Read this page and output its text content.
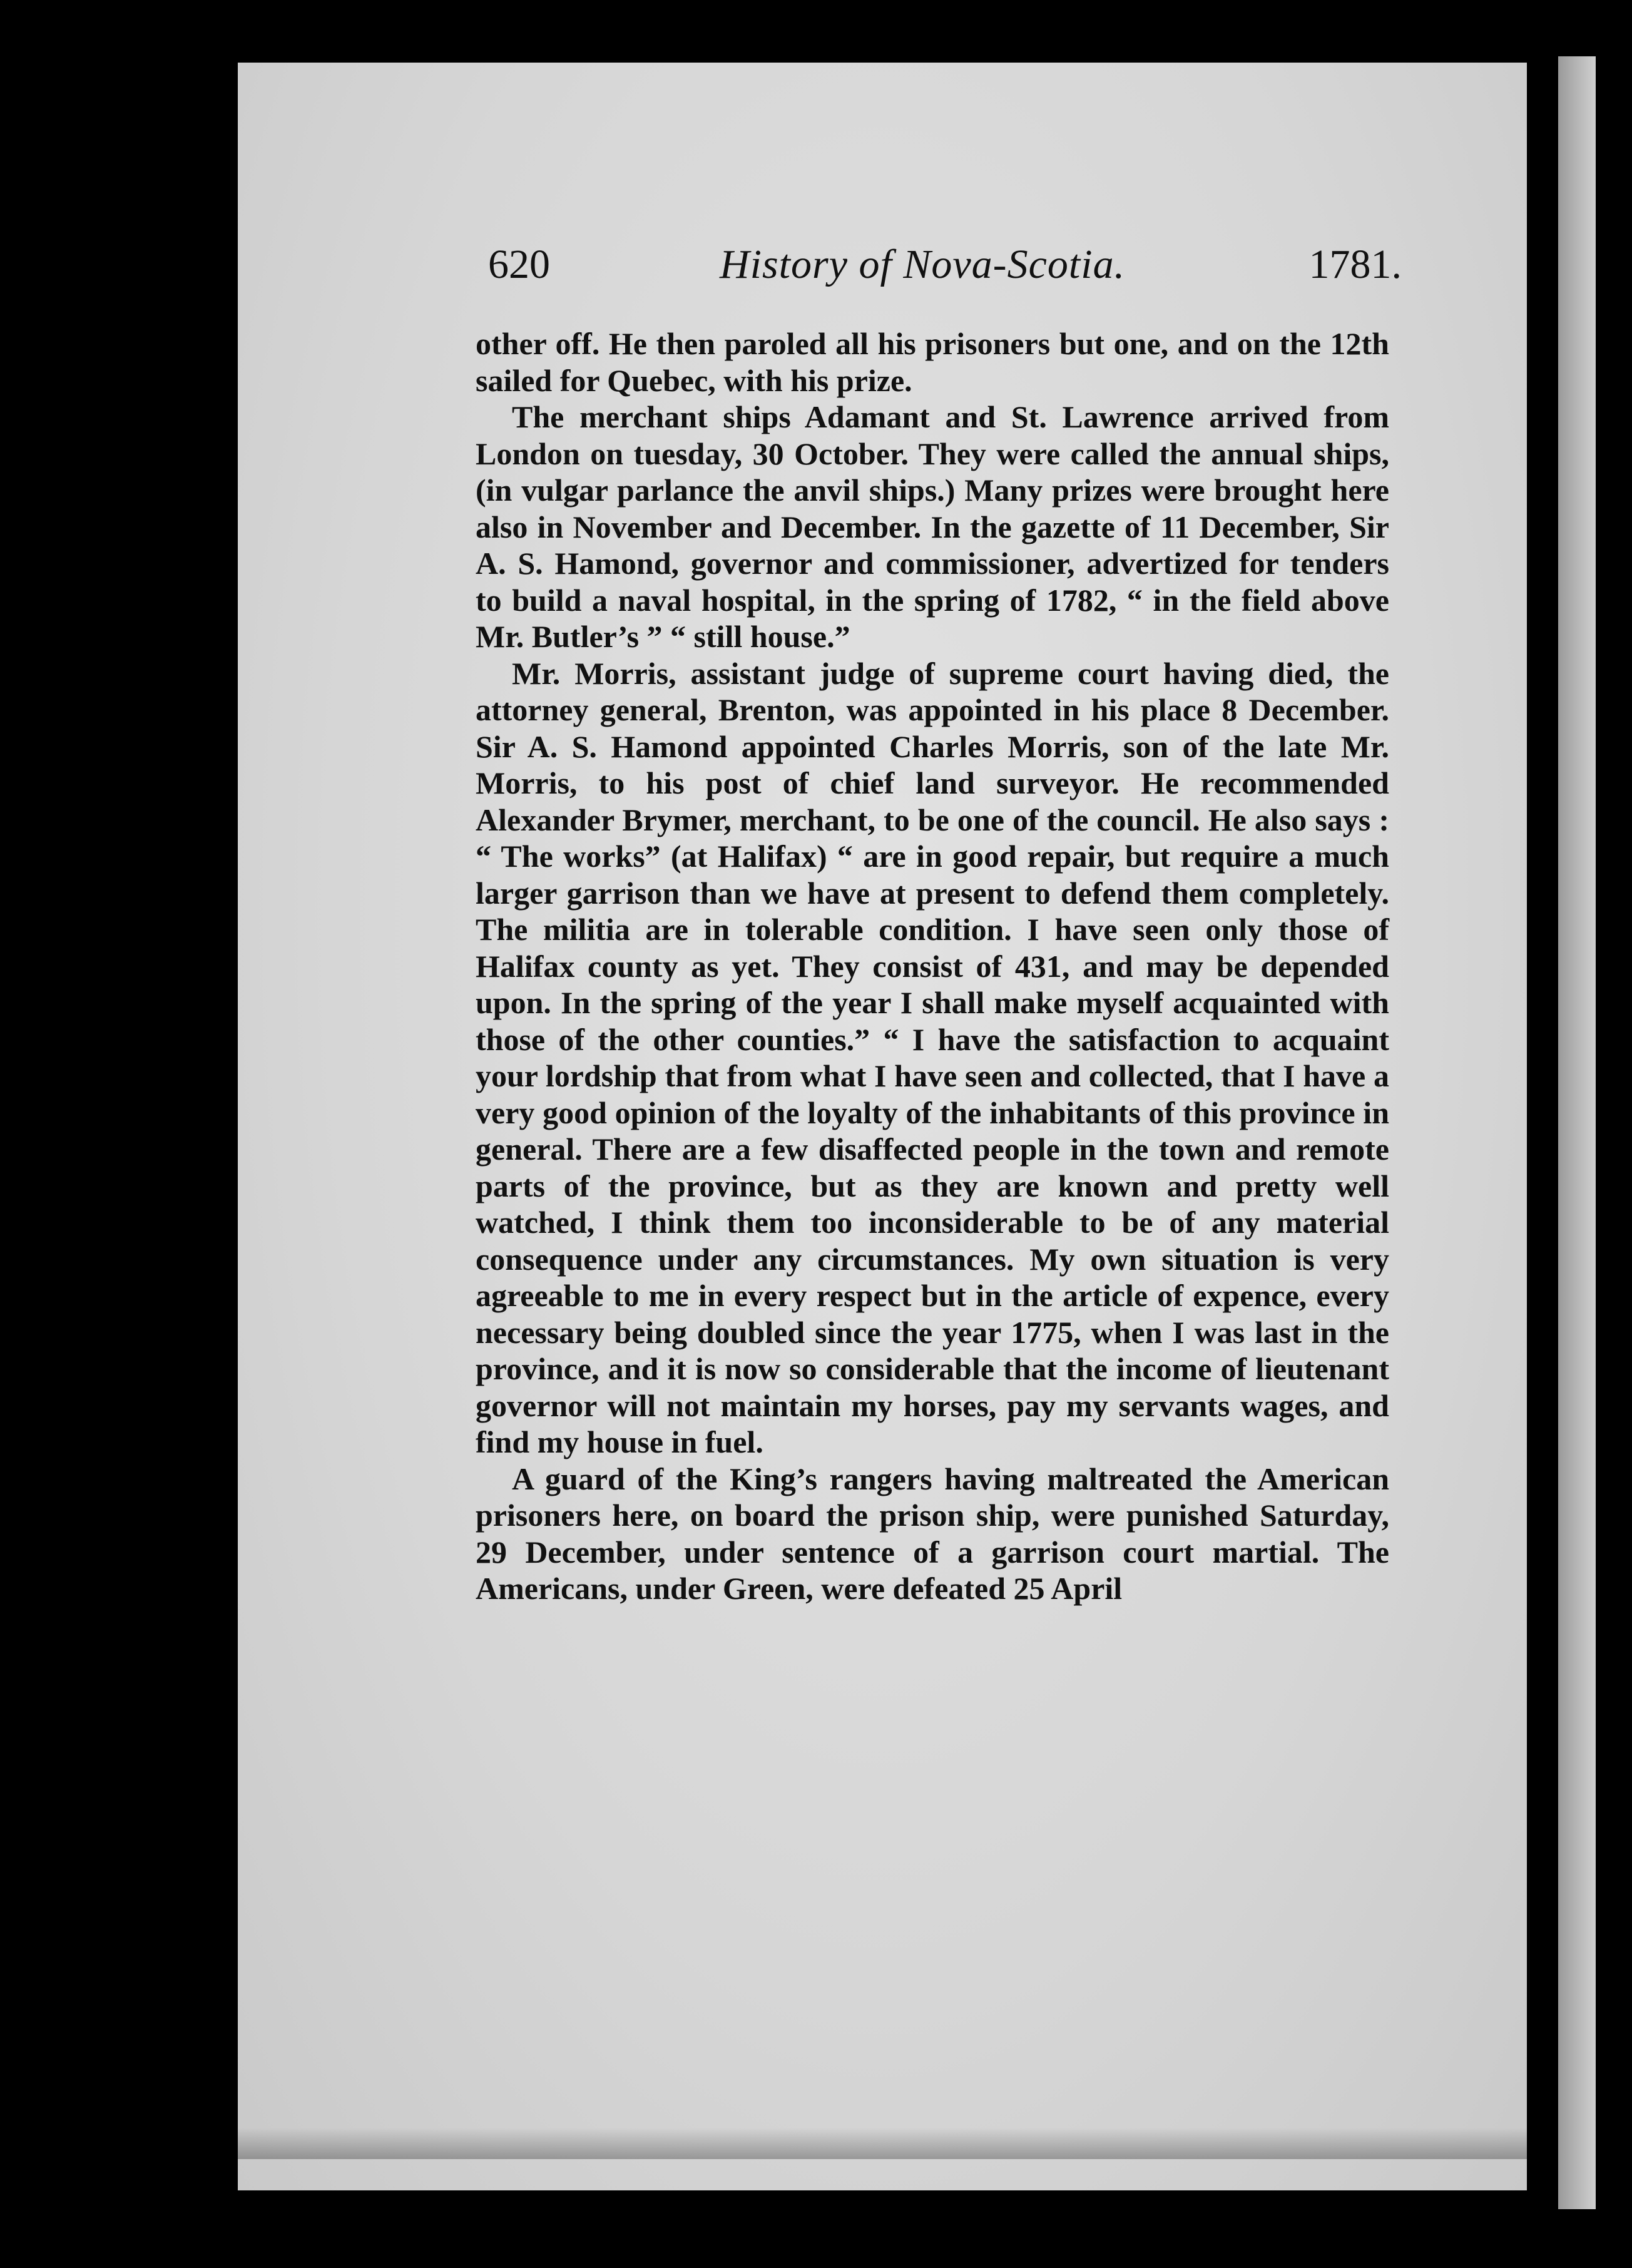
620	History of Nova-Scotia.	1781.

other off. He then paroled all his prisoners but one, and on the 12th sailed for Quebec, with his prize.

The merchant ships Adamant and St. Lawrence arrived from London on tuesday, 30 October. They were called the annual ships, (in vulgar parlance the anvil ships.) Many prizes were brought here also in November and December. In the gazette of 11 December, Sir A. S. Hamond, governor and commissioner, advertized for tenders to build a naval hospital, in the spring of 1782, “ in the field above Mr. Butler’s ” “ still house.”

Mr. Morris, assistant judge of supreme court having died, the attorney general, Brenton, was appointed in his place 8 December. Sir A. S. Hamond appointed Charles Morris, son of the late Mr. Morris, to his post of chief land surveyor. He recommended Alexander Brymer, merchant, to be one of the council. He also says : “ The works” (at Halifax) “ are in good repair, but require a much larger garrison than we have at present to defend them completely. The militia are in tolerable condition. I have seen only those of Halifax county as yet. They consist of 431, and may be depended upon. In the spring of the year I shall make myself acquainted with those of the other counties.” “ I have the satisfaction to acquaint your lordship that from what I have seen and collected, that I have a very good opinion of the loyalty of the inhabitants of this province in general. There are a few disaffected people in the town and remote parts of the province, but as they are known and pretty well watched, I think them too inconsiderable to be of any material consequence under any circumstances. My own situation is very agreeable to me in every respect but in the article of expence, every necessary being doubled since the year 1775, when I was last in the province, and it is now so considerable that the income of lieutenant governor will not maintain my horses, pay my servants wages, and find my house in fuel.

A guard of the King’s rangers having maltreated the American prisoners here, on board the prison ship, were punished Saturday, 29 December, under sentence of a garrison court martial. The Americans, under Green, were defeated 25 April
